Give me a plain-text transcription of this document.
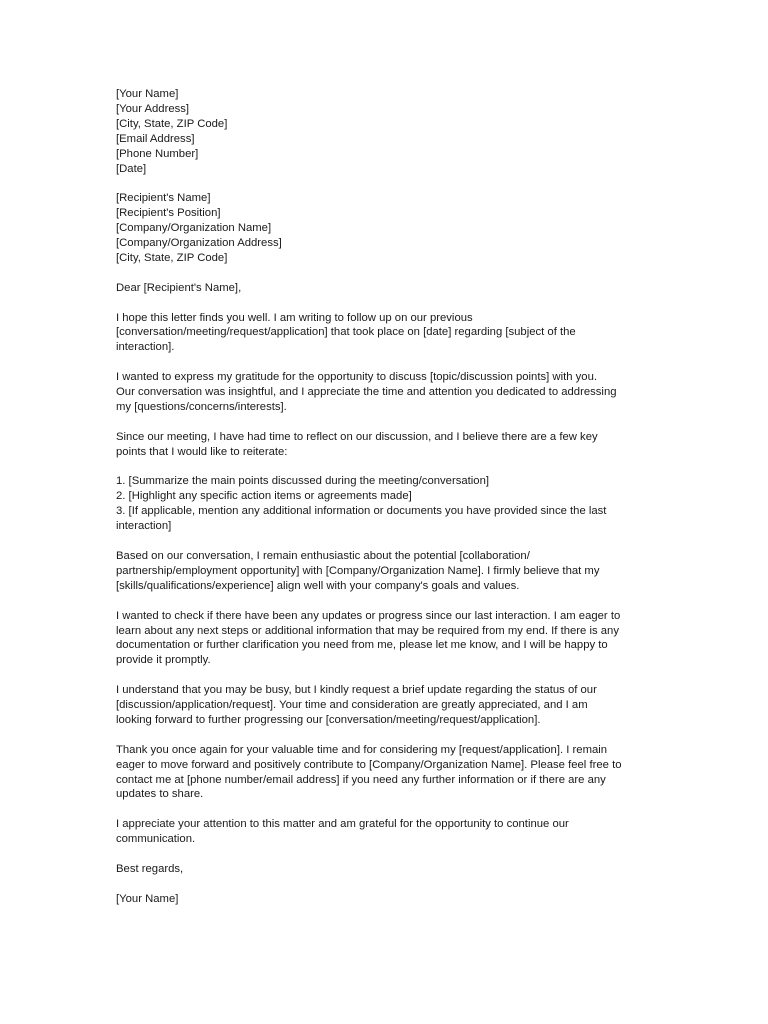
[Your Name]
[Your Address]
[City, State, ZIP Code]
[Email Address]
[Phone Number]
[Date]
[Recipient's Name]
[Recipient's Position]
[Company/Organization Name]
[Company/Organization Address]
[City, State, ZIP Code]

Dear [Recipient's Name],

I hope this letter finds you well. I am writing to follow up on our previous
[conversation/meeting/request/application] that took place on [date] regarding [subject of the
interaction].

I wanted to express my gratitude for the opportunity to discuss [topic/discussion points] with you.
Our conversation was insightful, and I appreciate the time and attention you dedicated to addressing
my [questions/concerns/interests].

Since our meeting, I have had time to reflect on our discussion, and I believe there are a few key
points that I would like to reiterate:

1. [Summarize the main points discussed during the meeting/conversation]
2. [Highlight any specific action items or agreements made]
3. [If applicable, mention any additional information or documents you have provided since the last
interaction]

Based on our conversation, I remain enthusiastic about the potential [collaboration/
partnership/employment opportunity] with [Company/Organization Name]. I firmly believe that my
[skills/qualifications/experience] align well with your company's goals and values.

I wanted to check if there have been any updates or progress since our last interaction. I am eager to
learn about any next steps or additional information that may be required from my end. If there is any
documentation or further clarification you need from me, please let me know, and I will be happy to
provide it promptly.

I understand that you may be busy, but I kindly request a brief update regarding the status of our
[discussion/application/request]. Your time and consideration are greatly appreciated, and I am
looking forward to further progressing our [conversation/meeting/request/application].

Thank you once again for your valuable time and for considering my [request/application]. I remain
eager to move forward and positively contribute to [Company/Organization Name]. Please feel free to
contact me at [phone number/email address] if you need any further information or if there are any
updates to share.

I appreciate your attention to this matter and am grateful for the opportunity to continue our
communication.

Best regards,

[Your Name]
